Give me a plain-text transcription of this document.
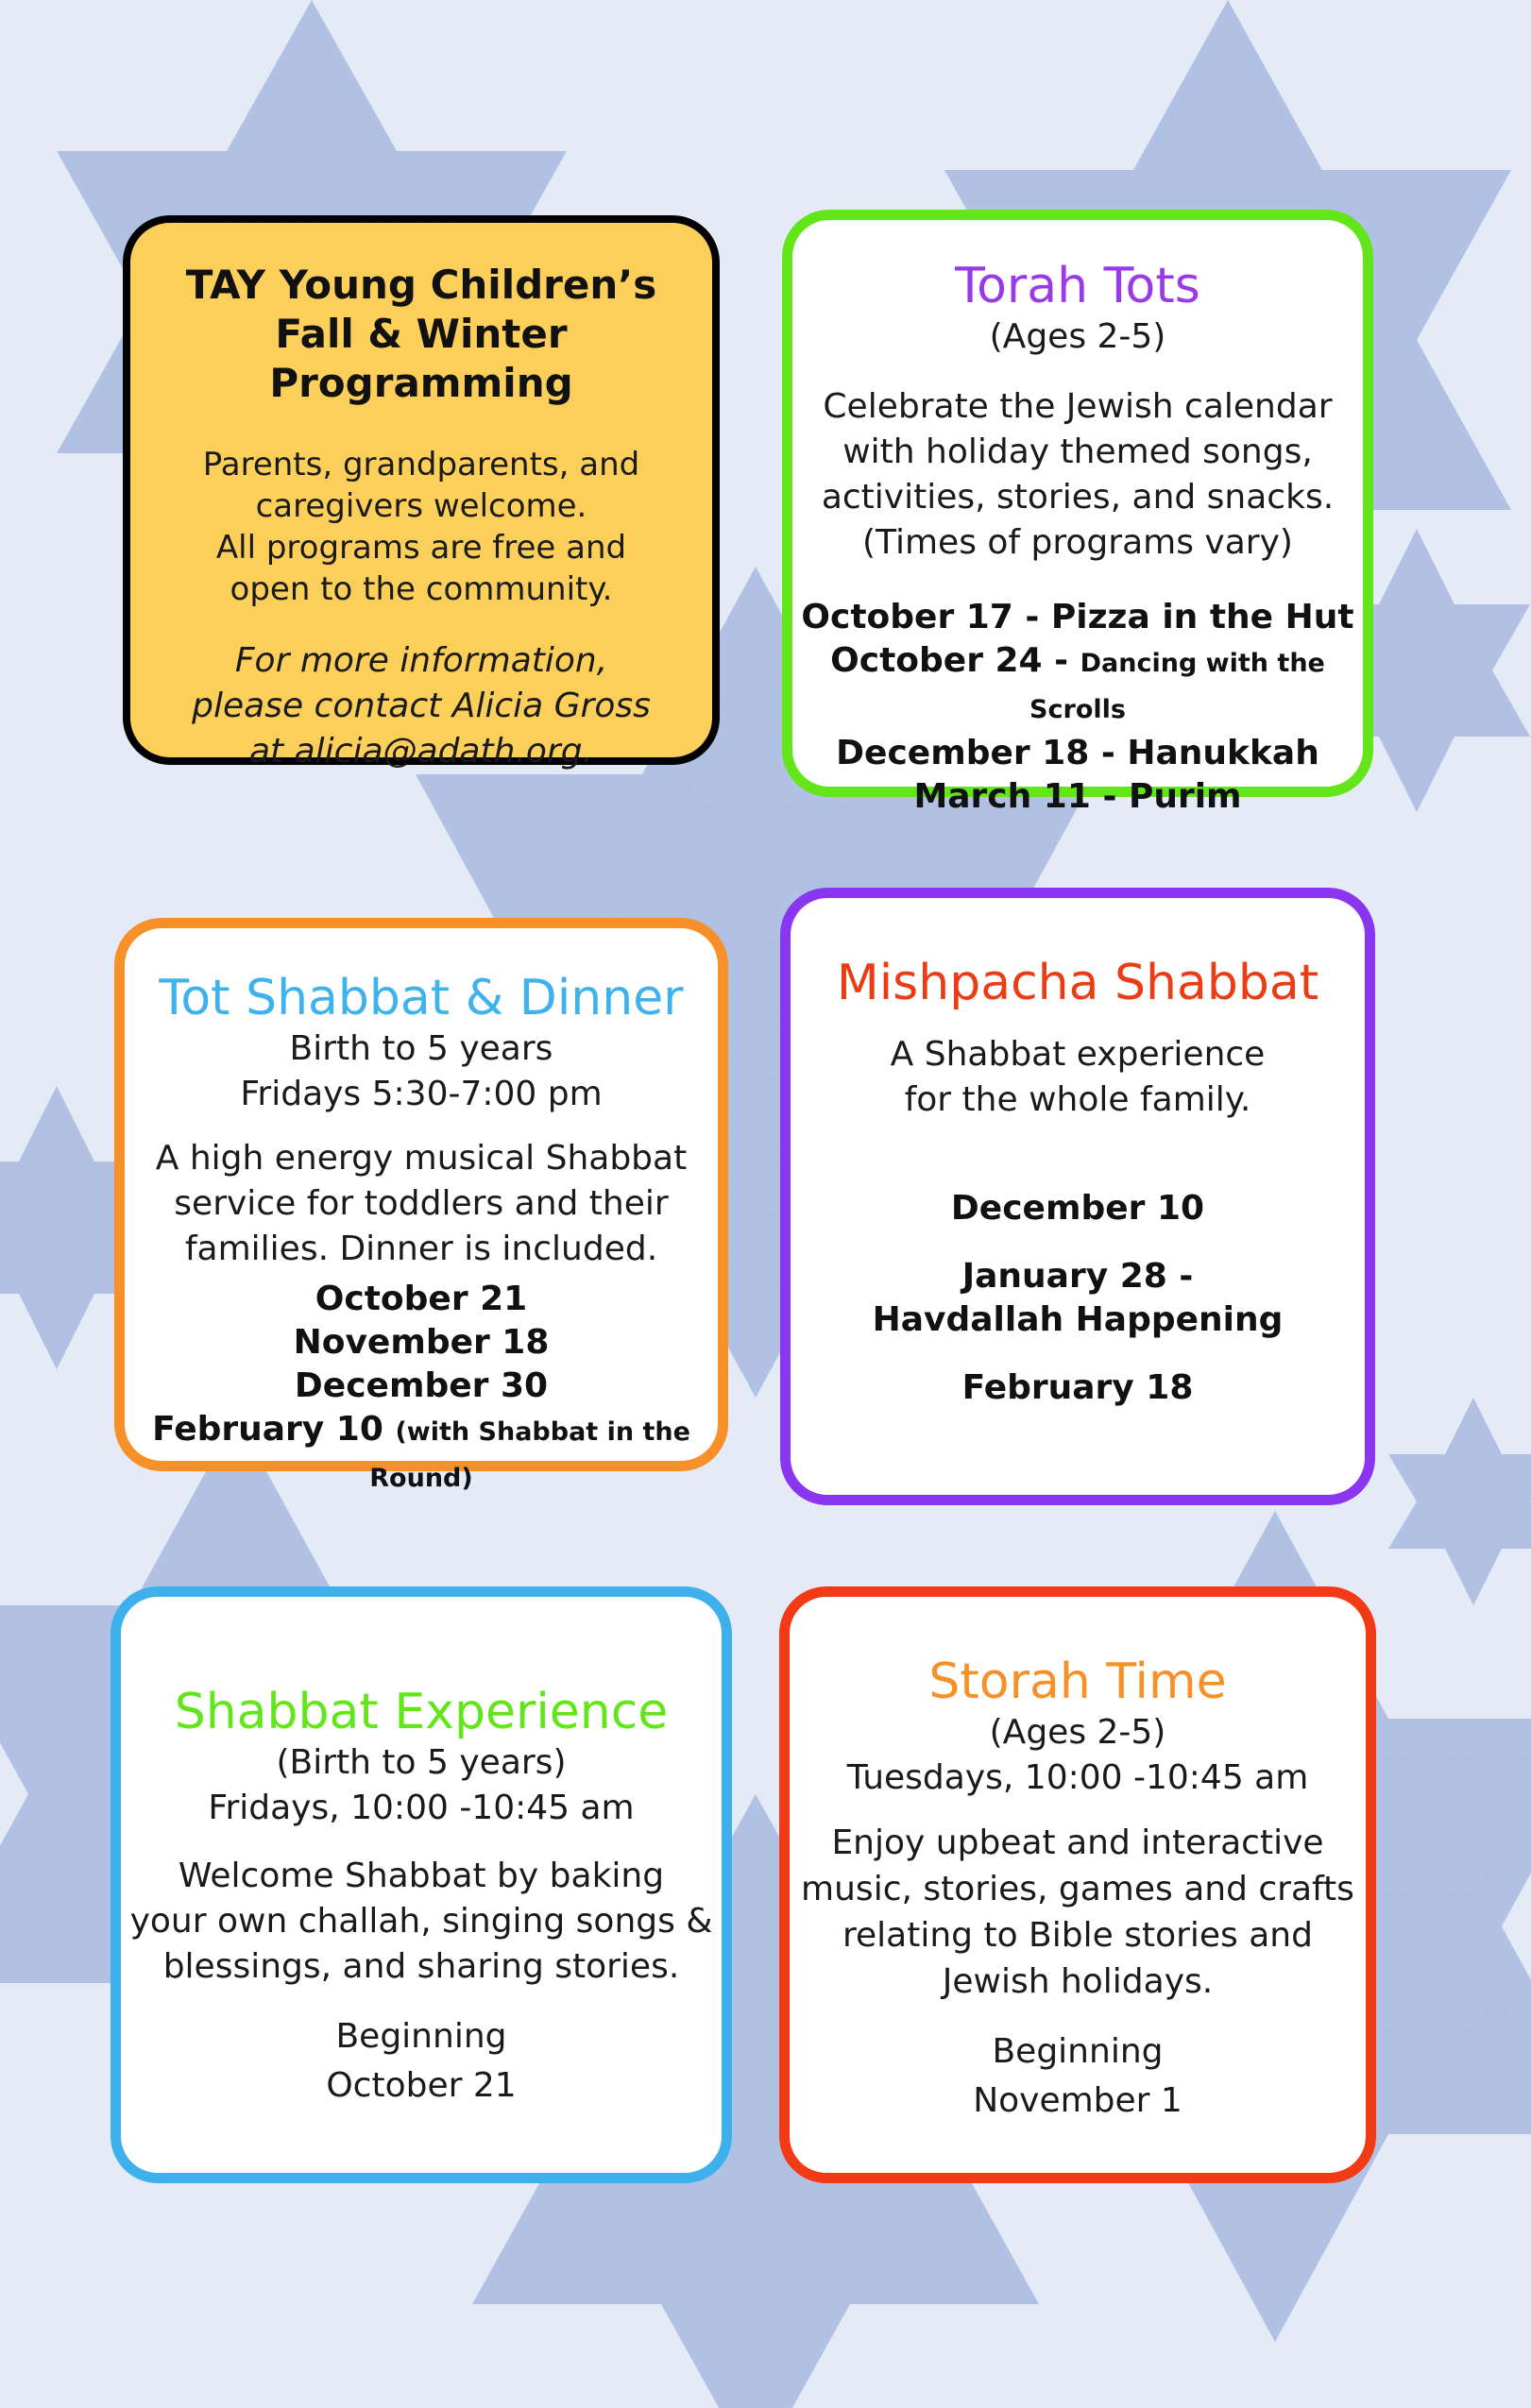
TAY Young Children’s

Fall & Winter Programming

Parents, grandparents, and

caregivers welcome.

All programs are free and

open to the community.

For more information,

please contact Alicia Gross

at alicia@adath.org.

Torah Tots

(Ages 2-5)

Celebrate the Jewish calendar

with holiday themed songs,

activities, stories, and snacks.

(Times of programs vary)

October 17 - Pizza in the Hut

October 24 - Dancing with the Scrolls

December 18 - Hanukkah

March 11 - Purim

Tot Shabbat & Dinner

Birth to 5 years

Fridays 5:30-7:00 pm

A high energy musical Shabbat

service for toddlers and their

families. Dinner is included.

October 21

November 18

December 30

February 10 (with Shabbat in the Round)

Mishpacha Shabbat

A Shabbat experience

for the whole family.

December 10

January 28 -

Havdallah Happening

February 18

Shabbat Experience

(Birth to 5 years)

Fridays, 10:00 -10:45 am

Welcome Shabbat by baking

your own challah, singing songs &

blessings, and sharing stories.

Beginning

October 21

Storah Time

(Ages 2-5)

Tuesdays, 10:00 -10:45 am

Enjoy upbeat and interactive

music, stories, games and crafts

relating to Bible stories and

Jewish holidays.

Beginning

November 1
